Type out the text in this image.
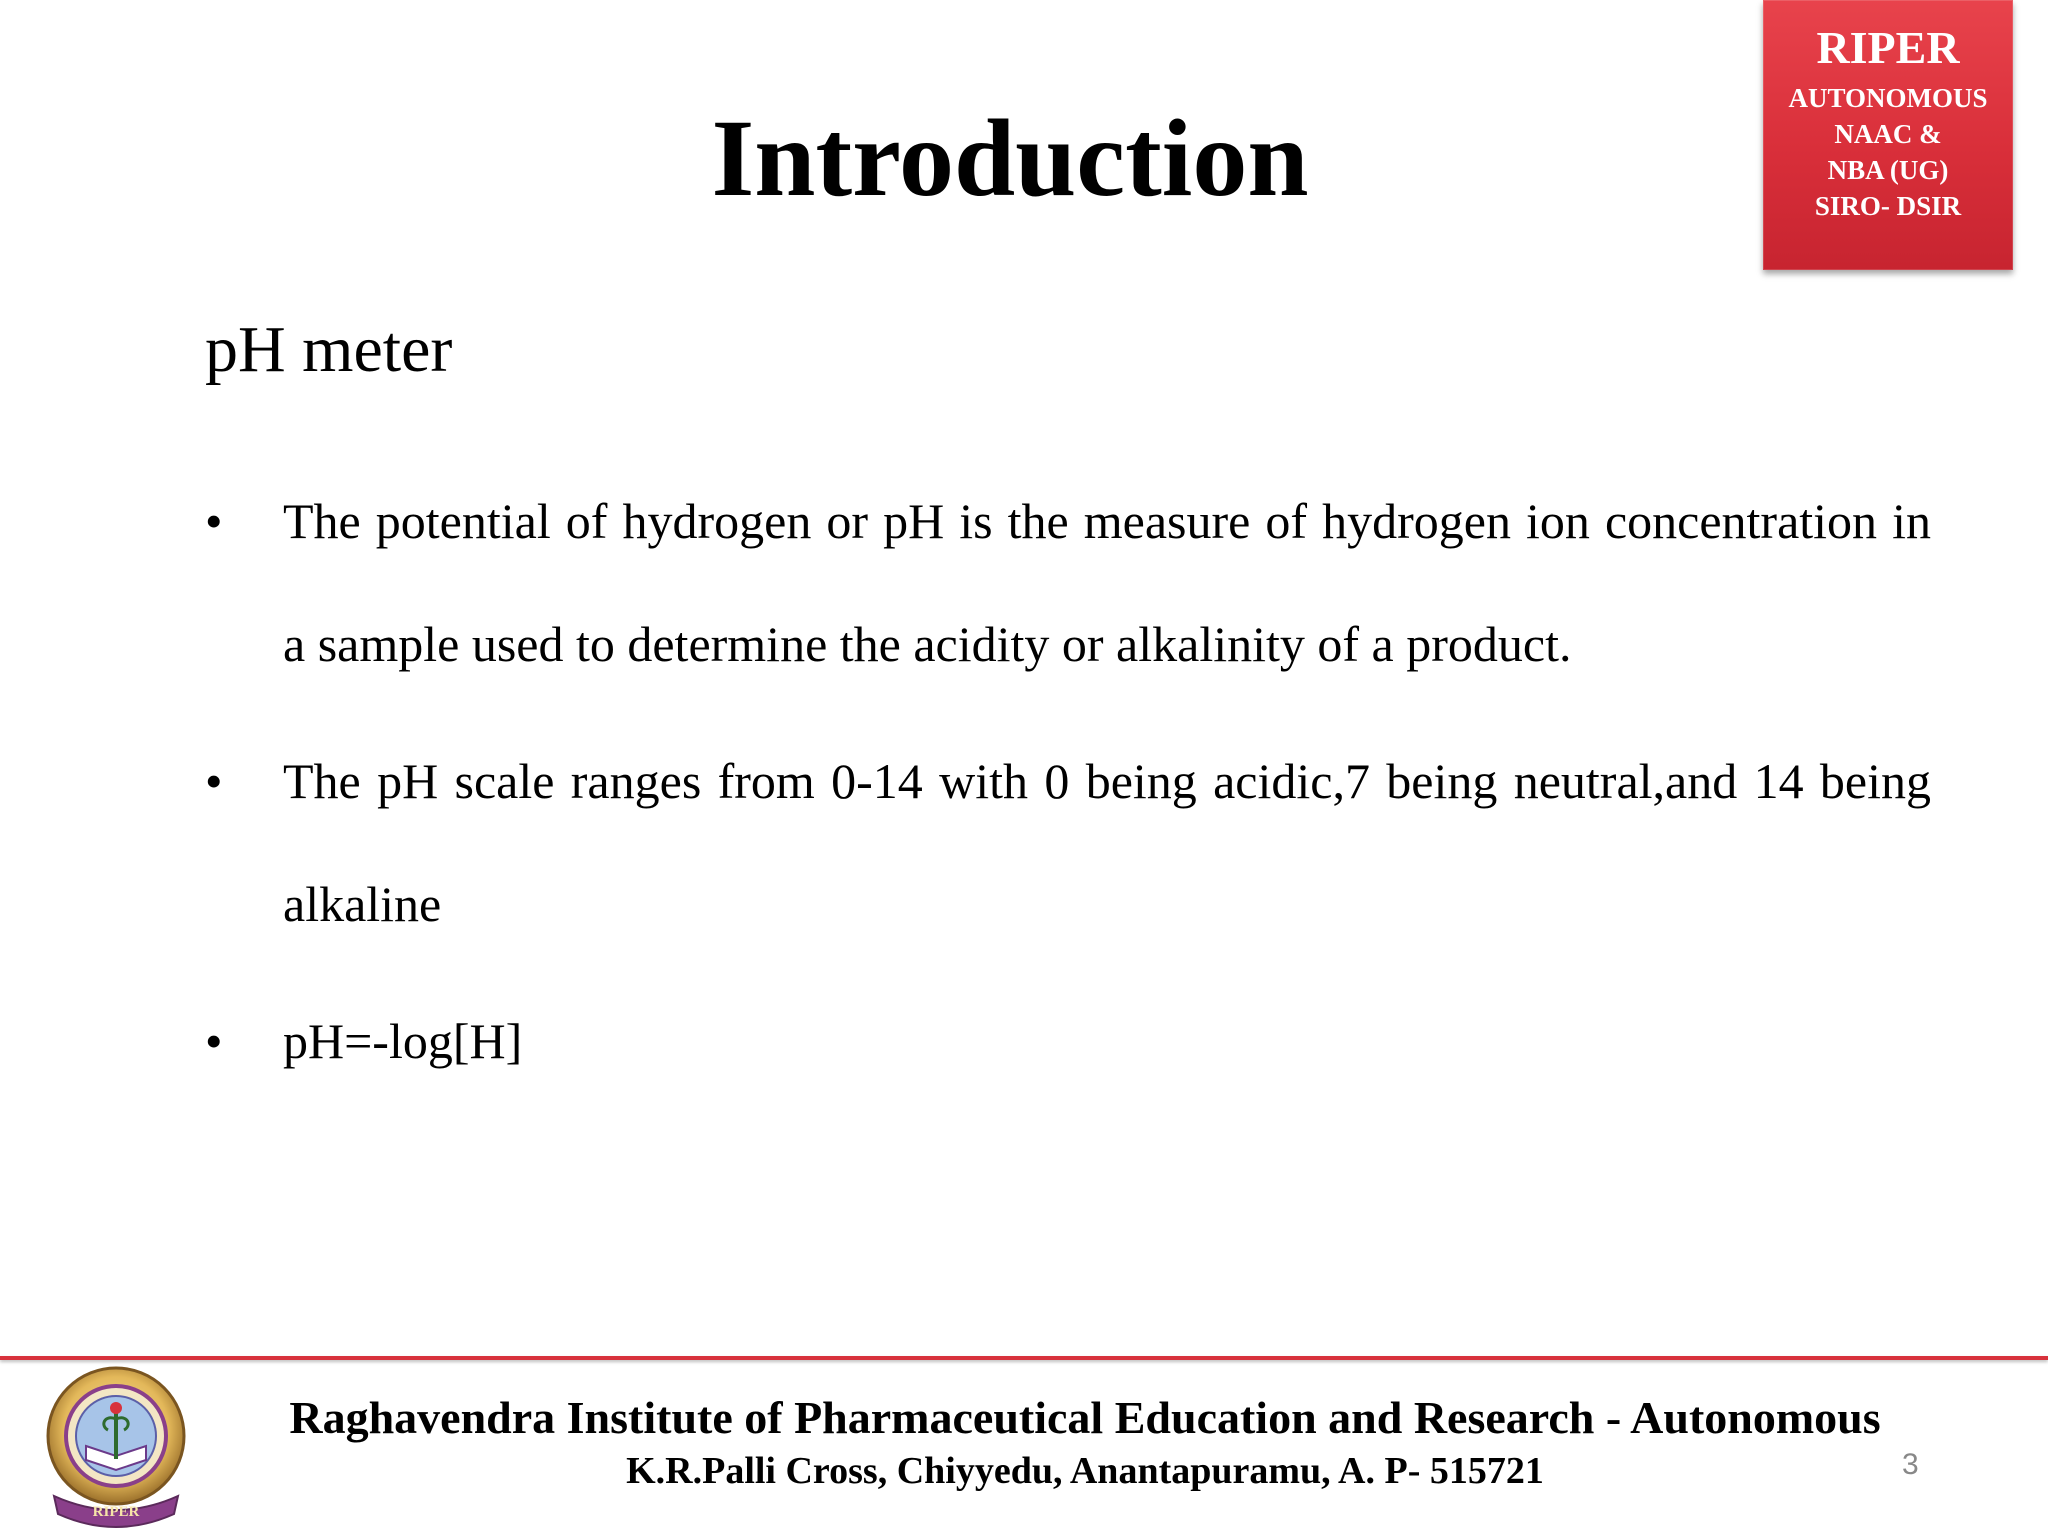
RIPER
AUTONOMOUS
NAAC &
NBA (UG)
SIRO- DSIR
Introduction
pH meter
•	The potential of hydrogen or pH is the measure of hydrogen ion concentration in a sample used to determine the acidity or alkalinity of a product.
•	The pH scale ranges from 0-14 with 0 being acidic,7 being neutral,and 14 being alkaline
•	pH=-log[H]
RIPER
Raghavendra Institute of Pharmaceutical Education and Research - Autonomous
K.R.Palli Cross, Chiyyedu, Anantapuramu, A. P- 515721	3
